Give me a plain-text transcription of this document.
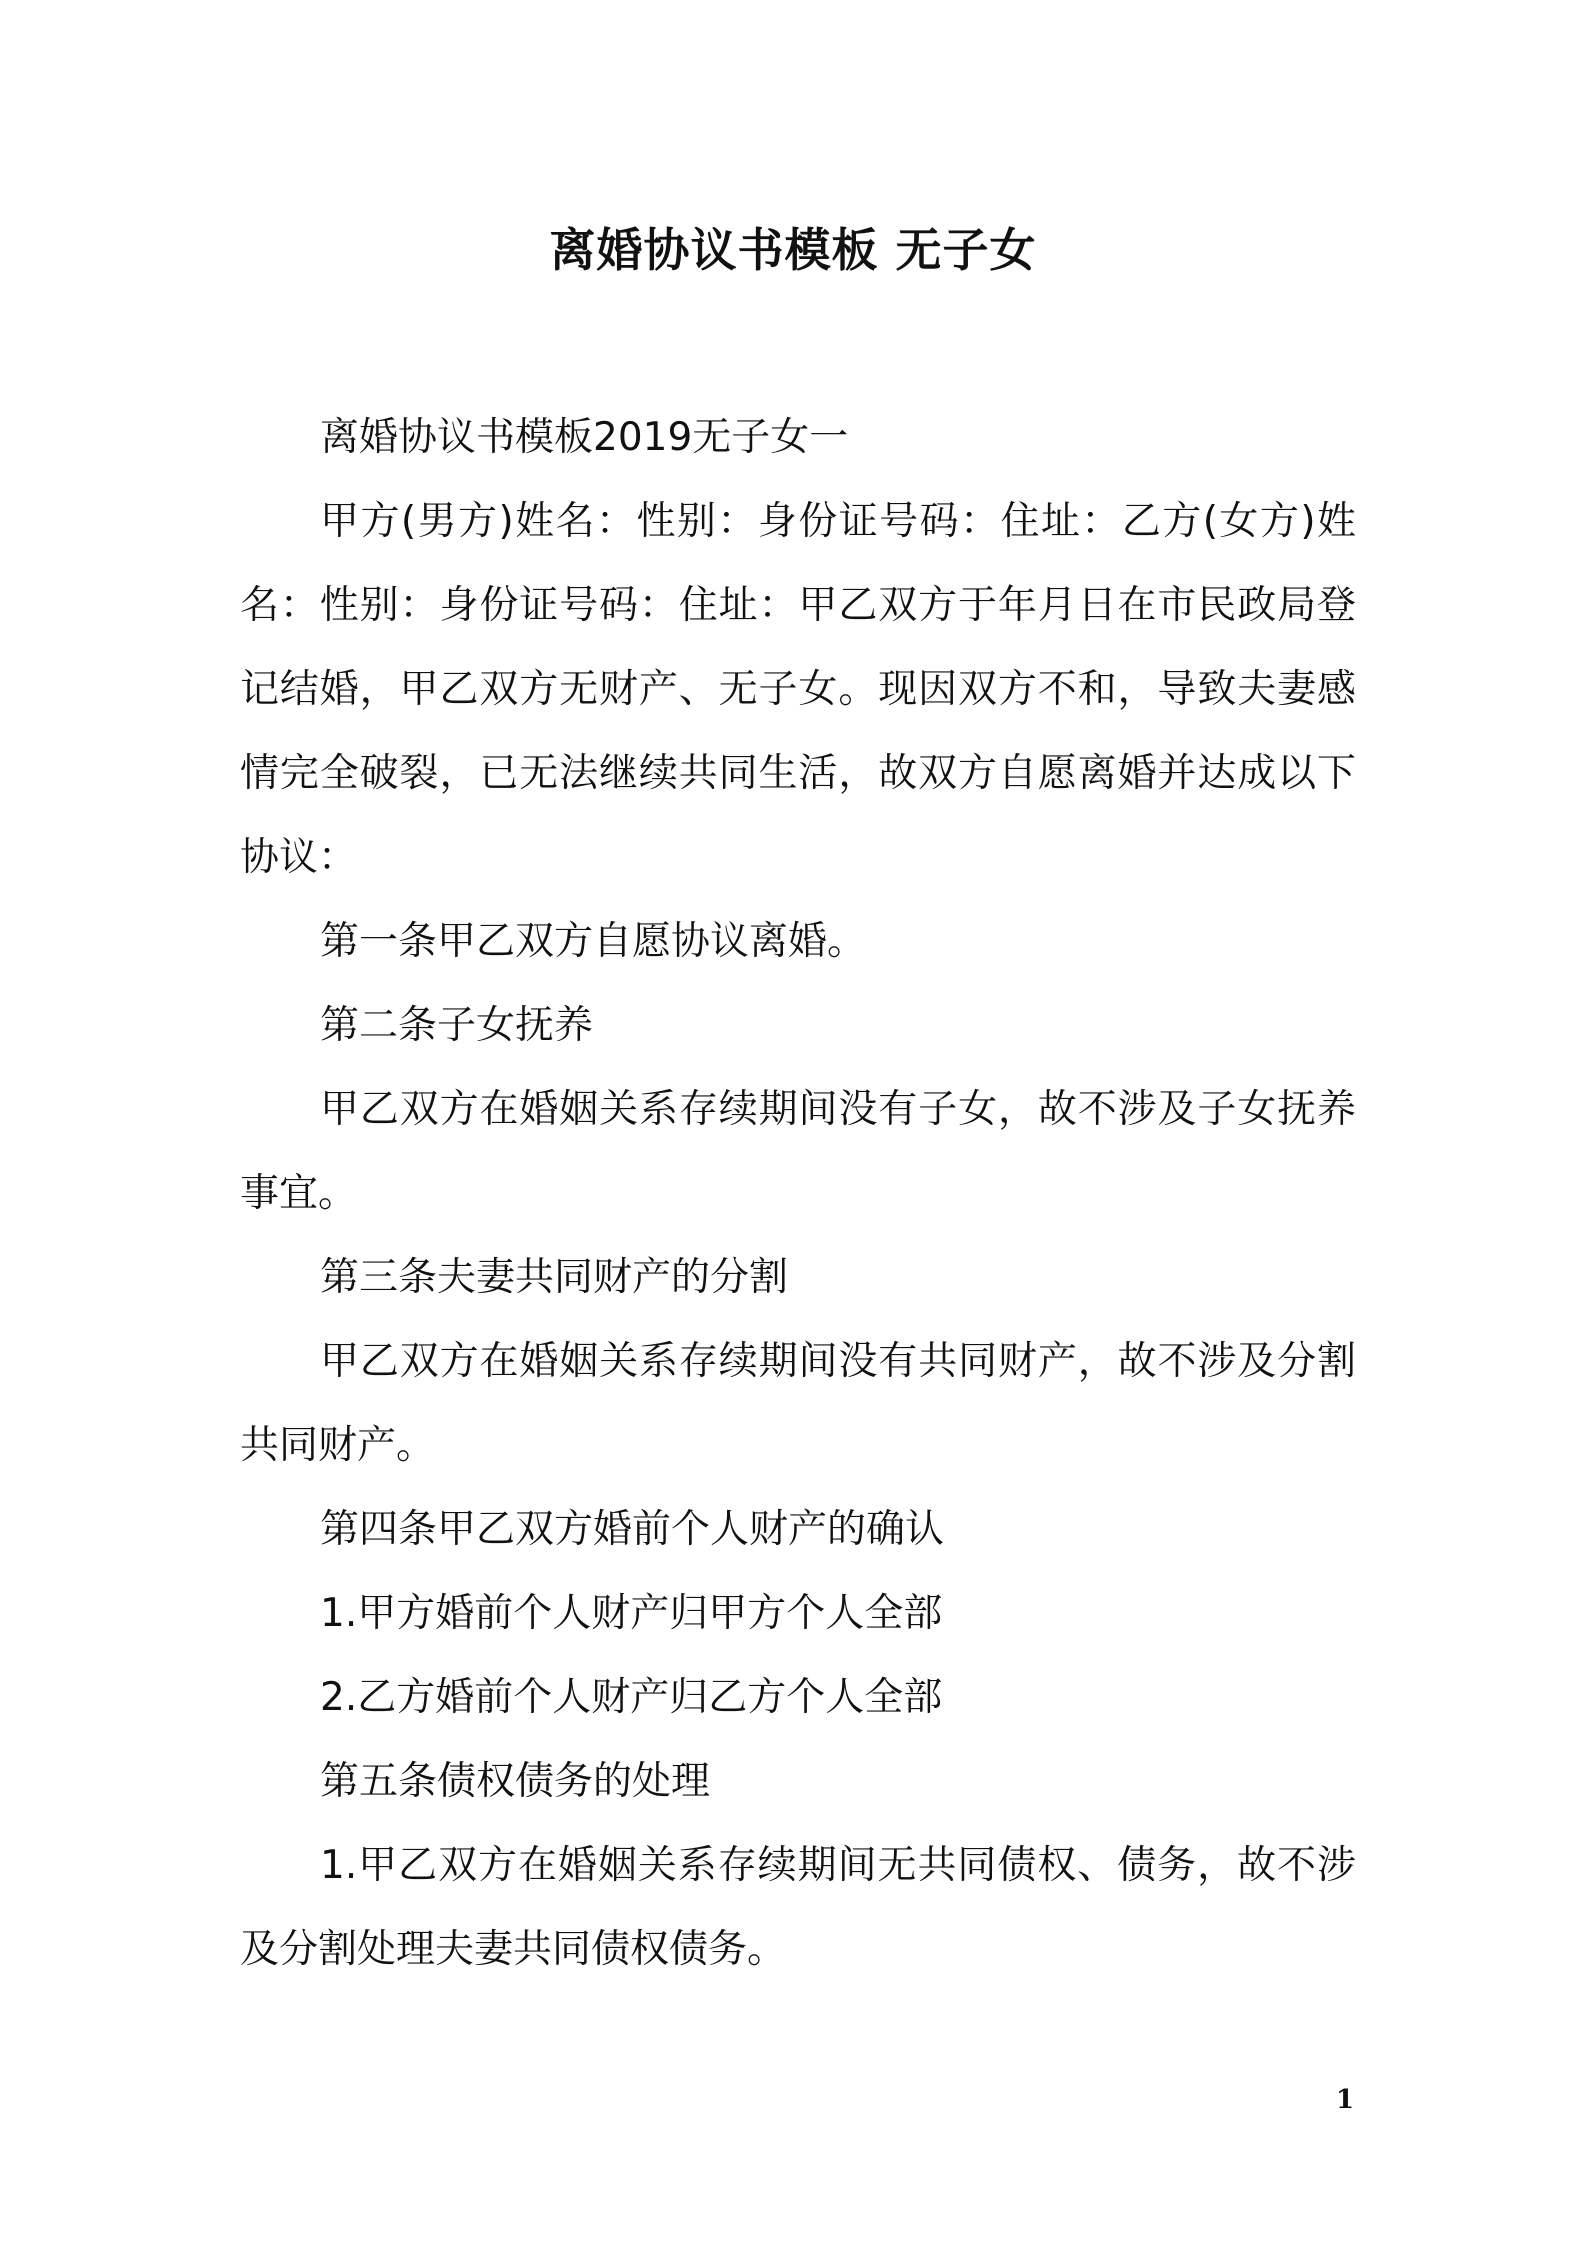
离婚协议书模板 无子女

离婚协议书模板2019无子女一

甲方(男方)姓名：性别：身份证号码：住址：乙方(女方)姓名：性别：身份证号码：住址：甲乙双方于年月日在市民政局登记结婚，甲乙双方无财产、无子女。现因双方不和，导致夫妻感情完全破裂，已无法继续共同生活，故双方自愿离婚并达成以下协议：

第一条甲乙双方自愿协议离婚。

第二条子女抚养

甲乙双方在婚姻关系存续期间没有子女，故不涉及子女抚养事宜。

第三条夫妻共同财产的分割

甲乙双方在婚姻关系存续期间没有共同财产，故不涉及分割共同财产。

第四条甲乙双方婚前个人财产的确认

1.甲方婚前个人财产归甲方个人全部

2.乙方婚前个人财产归乙方个人全部

第五条债权债务的处理

1.甲乙双方在婚姻关系存续期间无共同债权、债务，故不涉及分割处理夫妻共同债权债务。

1
